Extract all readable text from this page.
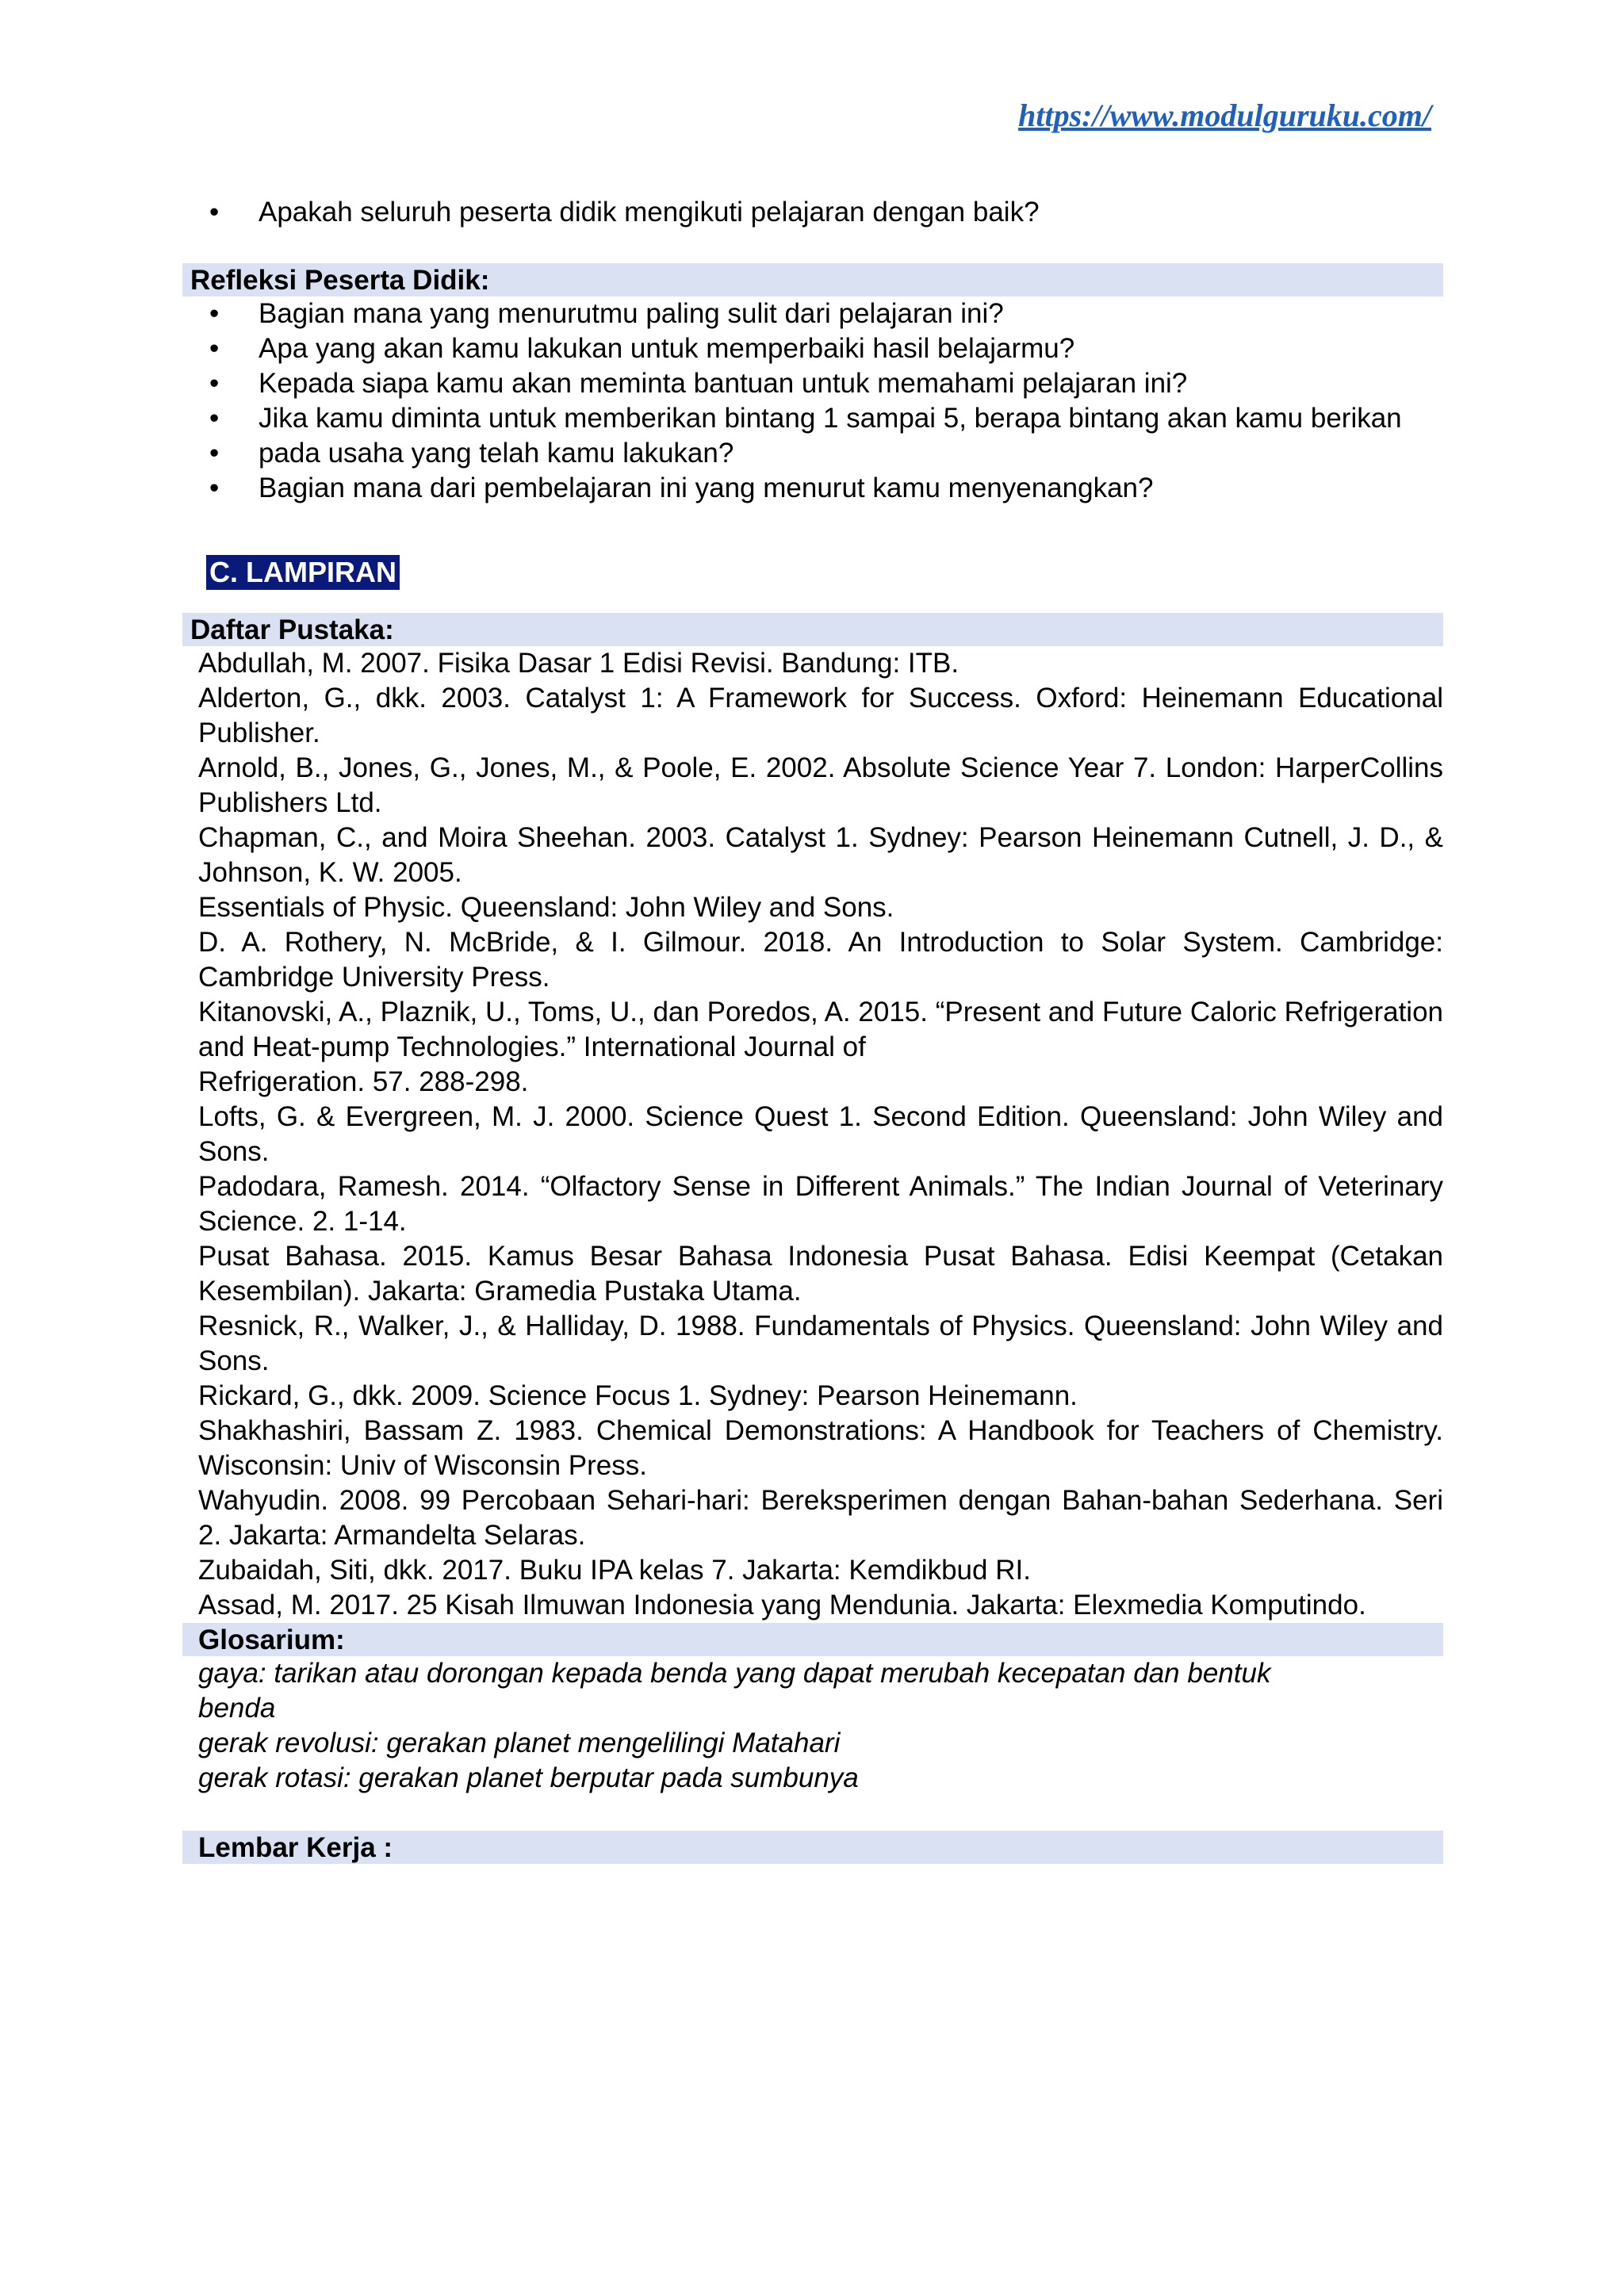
https://www.modulguruku.com/
• Apakah seluruh peserta didik mengikuti pelajaran dengan baik?
Refleksi Peserta Didik:
• Bagian mana yang menurutmu paling sulit dari pelajaran ini?
• Apa yang akan kamu lakukan untuk memperbaiki hasil belajarmu?
• Kepada siapa kamu akan meminta bantuan untuk memahami pelajaran ini?
• Jika kamu diminta untuk memberikan bintang 1 sampai 5, berapa bintang akan kamu berikan
• pada usaha yang telah kamu lakukan?
• Bagian mana dari pembelajaran ini yang menurut kamu menyenangkan?
C. LAMPIRAN
Daftar Pustaka:
Abdullah, M. 2007. Fisika Dasar 1 Edisi Revisi. Bandung: ITB.
Alderton, G., dkk. 2003. Catalyst 1: A Framework for Success. Oxford: Heinemann Educational Publisher.
Arnold, B., Jones, G., Jones, M., & Poole, E. 2002. Absolute Science Year 7. London: HarperCollins Publishers Ltd.
Chapman, C., and Moira Sheehan. 2003. Catalyst 1. Sydney: Pearson Heinemann Cutnell, J. D., & Johnson, K. W. 2005.
Essentials of Physic. Queensland: John Wiley and Sons.
D. A. Rothery, N. McBride, & I. Gilmour. 2018. An Introduction to Solar System. Cambridge: Cambridge University Press.
Kitanovski, A., Plaznik, U., Toms, U., dan Poredos, A. 2015. “Present and Future Caloric Refrigeration and Heat-pump Technologies.” International Journal of
Refrigeration. 57. 288-298.
Lofts, G. & Evergreen, M. J. 2000. Science Quest 1. Second Edition. Queensland: John Wiley and Sons.
Padodara, Ramesh. 2014. “Olfactory Sense in Different Animals.” The Indian Journal of Veterinary Science. 2. 1-14.
Pusat Bahasa. 2015. Kamus Besar Bahasa Indonesia Pusat Bahasa. Edisi Keempat (Cetakan Kesembilan). Jakarta: Gramedia Pustaka Utama.
Resnick, R., Walker, J., & Halliday, D. 1988. Fundamentals of Physics. Queensland: John Wiley and Sons.
Rickard, G., dkk. 2009. Science Focus 1. Sydney: Pearson Heinemann.
Shakhashiri, Bassam Z. 1983. Chemical Demonstrations: A Handbook for Teachers of Chemistry. Wisconsin: Univ of Wisconsin Press.
Wahyudin. 2008. 99 Percobaan Sehari-hari: Bereksperimen dengan Bahan-bahan Sederhana. Seri 2. Jakarta: Armandelta Selaras.
Zubaidah, Siti, dkk. 2017. Buku IPA kelas 7. Jakarta: Kemdikbud RI.
Assad, M. 2017. 25 Kisah Ilmuwan Indonesia yang Mendunia. Jakarta: Elexmedia Komputindo.
Glosarium:
gaya: tarikan atau dorongan kepada benda yang dapat merubah kecepatan dan bentuk benda
gerak revolusi: gerakan planet mengelilingi Matahari
gerak rotasi: gerakan planet berputar pada sumbunya
Lembar Kerja :
